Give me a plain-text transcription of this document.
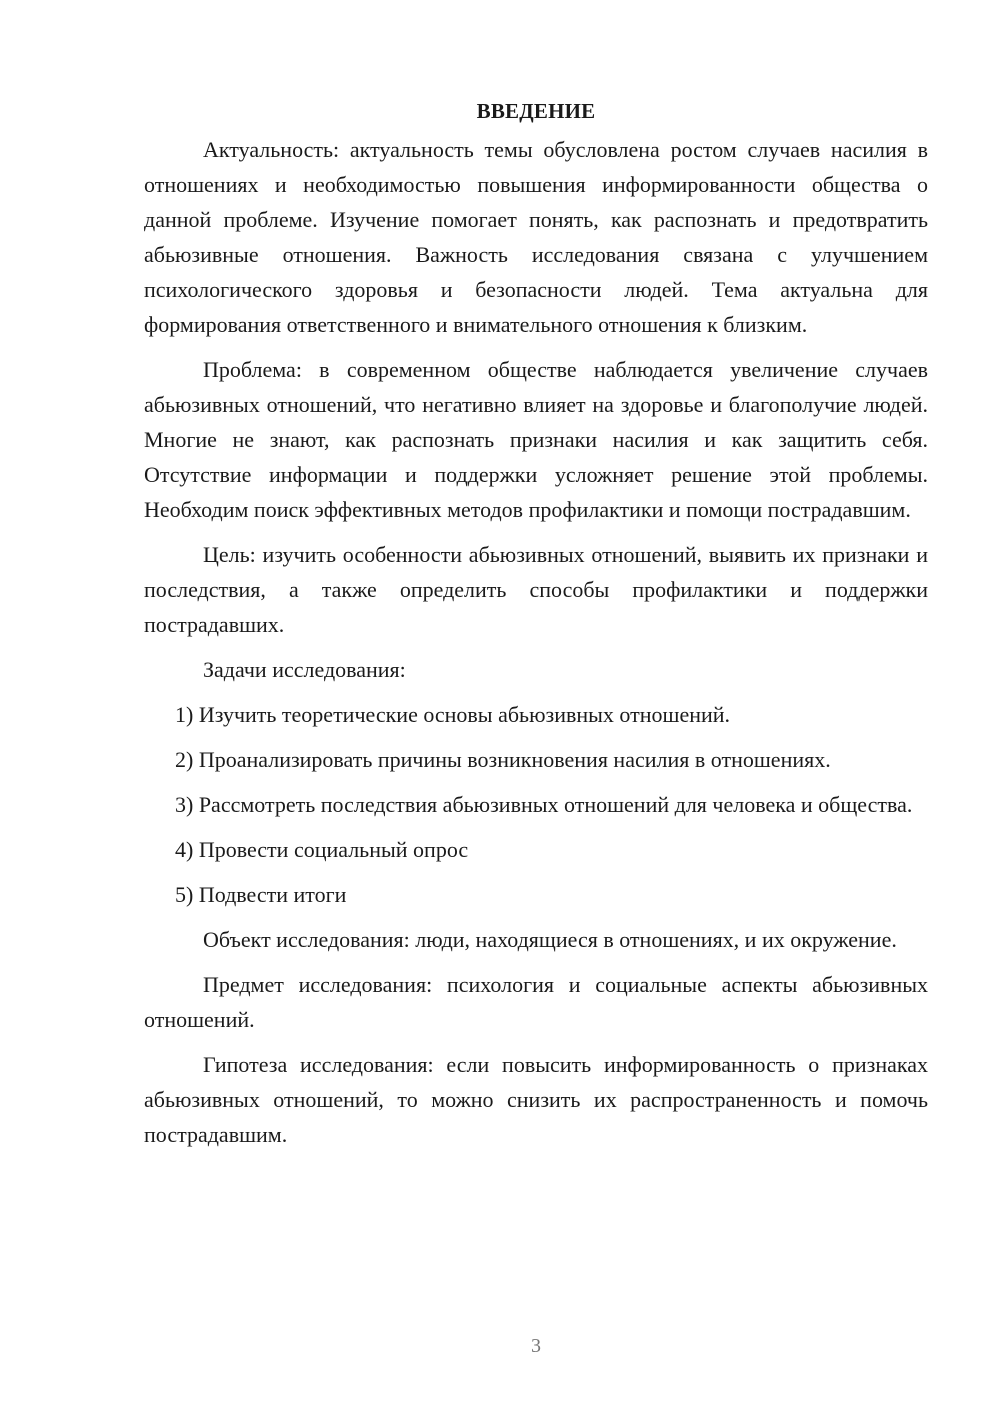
ВВЕДЕНИЕ

Актуальность: актуальность темы обусловлена ростом случаев насилия в отношениях и необходимостью повышения информированности общества о данной проблеме. Изучение помогает понять, как распознать и предотвратить абьюзивные отношения. Важность исследования связана с улучшением психологического здоровья и безопасности людей. Тема актуальна для формирования ответственного и внимательного отношения к близким.

Проблема: в современном обществе наблюдается увеличение случаев абьюзивных отношений, что негативно влияет на здоровье и благополучие людей. Многие не знают, как распознать признаки насилия и как защитить себя. Отсутствие информации и поддержки усложняет решение этой проблемы. Необходим поиск эффективных методов профилактики и помощи пострадавшим.

Цель: изучить особенности абьюзивных отношений, выявить их признаки и последствия, а также определить способы профилактики и поддержки пострадавших.

Задачи исследования:

1) Изучить теоретические основы абьюзивных отношений.

2) Проанализировать причины возникновения насилия в отношениях.

3) Рассмотреть последствия абьюзивных отношений для человека и общества.

4) Провести социальный опрос

5) Подвести итоги

Объект исследования: люди, находящиеся в отношениях, и их окружение.

Предмет исследования: психология и социальные аспекты абьюзивных отношений.

Гипотеза исследования: если повысить информированность о признаках абьюзивных отношений, то можно снизить их распространенность и помочь пострадавшим.

3
